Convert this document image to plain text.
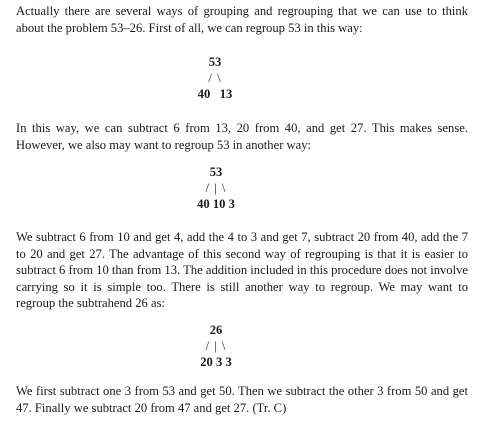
Actually there are several ways of grouping and regrouping that we can use to think about the problem 53–26. First of all, we can regroup 53 in this way:

53
/ \
40   13

In this way, we can subtract 6 from 13, 20 from 40, and get 27. This makes sense. However, we also may want to regroup 53 in another way:

53
/ | \
40 10 3

We subtract 6 from 10 and get 4, add the 4 to 3 and get 7, subtract 20 from 40, add the 7 to 20 and get 27. The advantage of this second way of regrouping is that it is easier to subtract 6 from 10 than from 13. The addition included in this procedure does not involve carrying so it is simple too. There is still another way to regroup. We may want to regroup the subtrahend 26 as:

26
/ | \
20 3 3

We first subtract one 3 from 53 and get 50. Then we subtract the other 3 from 50 and get 47. Finally we subtract 20 from 47 and get 27. (Tr. C)
